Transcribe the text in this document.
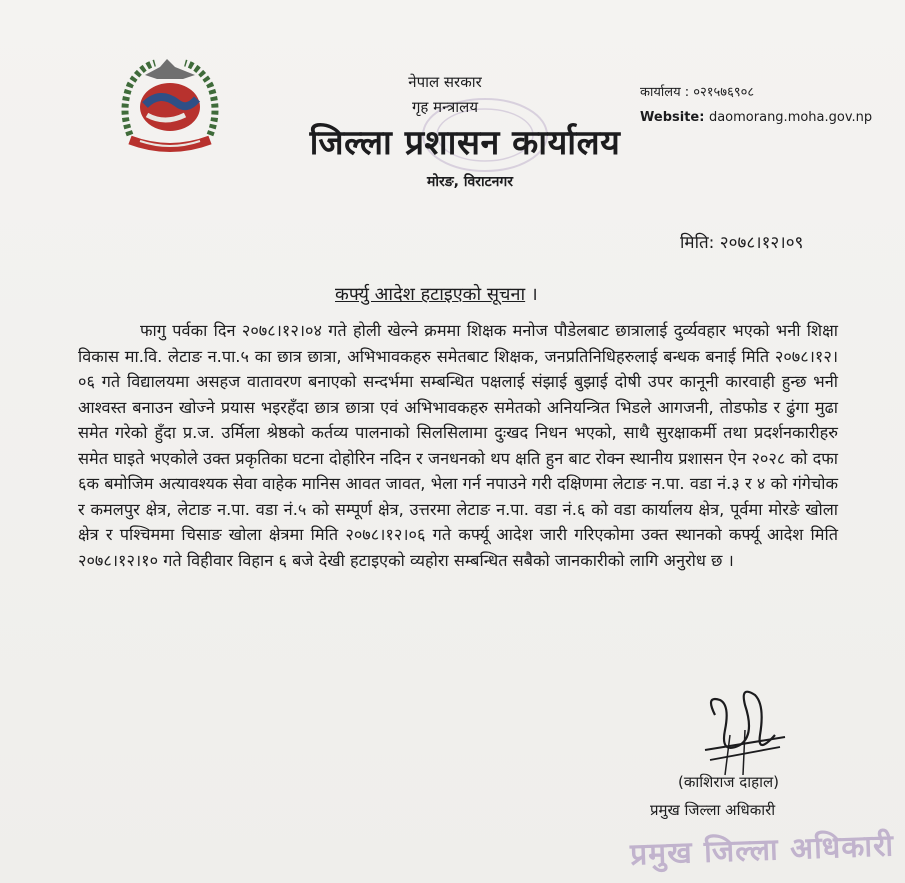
नेपाल सरकार
गृह मन्त्रालय
जिल्ला प्रशासन कार्यालय
मोरङ, विराटनगर
कार्यालय : ०२१५७६९०८
Website: daomorang.moha.gov.np
मिति: २०७८।१२।०९
कर्फ्यु आदेश हटाइएको सूचना ।

फागु पर्वका दिन २०७८।१२।०४ गते होली खेल्ने क्रममा शिक्षक मनोज पौडेलबाट छात्रालाई दुर्व्यवहार भएको भनी शिक्षा विकास मा.वि. लेटाङ न.पा.५ का छात्र छात्रा, अभिभावकहरु समेतबाट शिक्षक, जनप्रतिनिधिहरुलाई बन्धक बनाई मिति २०७८।१२।०६ गते विद्यालयमा असहज वातावरण बनाएको सन्दर्भमा सम्बन्धित पक्षलाई संझाई बुझाई दोषी उपर कानूनी कारवाही हुन्छ भनी आश्वस्त बनाउन खोज्ने प्रयास भइरहँदा छात्र छात्रा एवं अभिभावकहरु समेतको अनियन्त्रित भिडले आगजनी, तोडफोड र ढुंगा मुढा समेत गरेको हुँदा प्र.ज. उर्मिला श्रेष्ठको कर्तव्य पालनाको सिलसिलामा दुःखद निधन भएको, साथै सुरक्षाकर्मी तथा प्रदर्शनकारीहरु समेत घाइते भएकोले उक्त प्रकृतिका घटना दोहोरिन नदिन र जनधनको थप क्षति हुन बाट रोक्न स्थानीय प्रशासन ऐन २०२८ को दफा ६क बमोजिम अत्यावश्यक सेवा वाहेक मानिस आवत जावत, भेला गर्न नपाउने गरी दक्षिणमा लेटाङ न.पा. वडा नं.३ र ४ को गंगेचोक र कमलपुर क्षेत्र, लेटाङ न.पा. वडा नं.५ को सम्पूर्ण क्षेत्र, उत्तरमा लेटाङ न.पा. वडा नं.६ को वडा कार्यालय क्षेत्र, पूर्वमा मोरङे खोला क्षेत्र र पश्चिममा चिसाङ खोला क्षेत्रमा मिति २०७८।१२।०६ गते कर्फ्यू आदेश जारी गरिएकोमा उक्त स्थानको कर्फ्यू आदेश मिति २०७८।१२।१० गते विहीवार विहान ६ बजे देखी हटाइएको व्यहोरा सम्बन्धित सबैको जानकारीको लागि अनुरोध छ ।

(काशिराज दाहाल)
प्रमुख जिल्ला अधिकारी
प्रमुख जिल्ला अधिकारी
